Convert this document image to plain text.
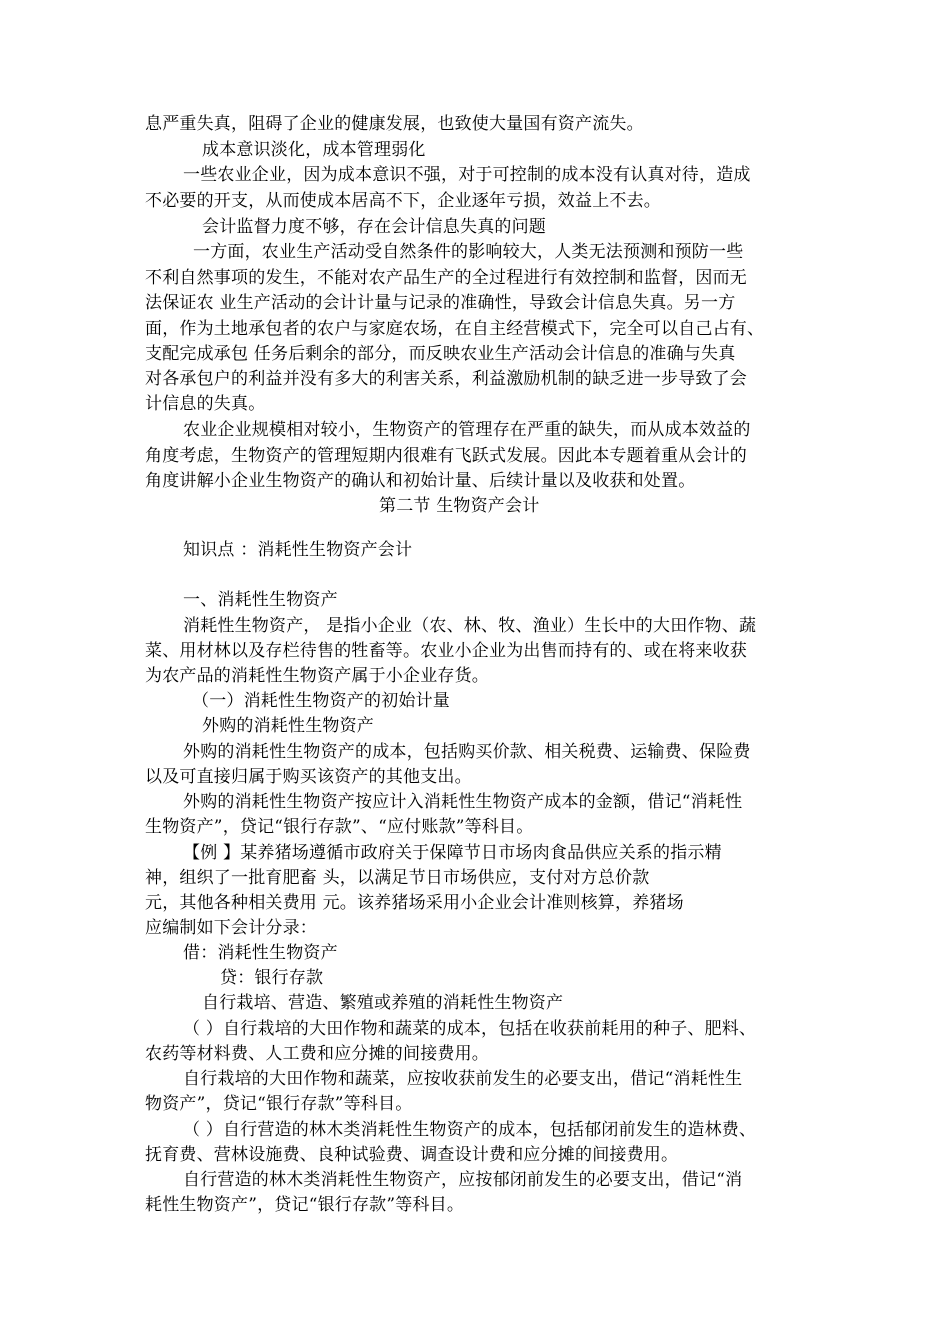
息严重失真，阻碍了企业的健康发展，也致使大量国有资产流失。
成本意识淡化，成本管理弱化
一些农业企业，因为成本意识不强，对于可控制的成本没有认真对待，造成
不必要的开支，从而使成本居高不下，企业逐年亏损，效益上不去。
会计监督力度不够，存在会计信息失真的问题
一方面，农业生产活动受自然条件的影响较大，人类无法预测和预防一些
不利自然事项的发生，不能对农产品生产的全过程进行有效控制和监督，因而无
法保证农 业生产活动的会计计量与记录的准确性，导致会计信息失真。另一方
面，作为土地承包者的农户与家庭农场，在自主经营模式下，完全可以自己占有、
支配完成承包 任务后剩余的部分，而反映农业生产活动会计信息的准确与失真
对各承包户的利益并没有多大的利害关系，利益激励机制的缺乏进一步导致了会
计信息的失真。
农业企业规模相对较小，生物资产的管理存在严重的缺失，而从成本效益的
角度考虑，生物资产的管理短期内很难有飞跃式发展。因此本专题着重从会计的
角度讲解小企业生物资产的确认和初始计量、后续计量以及收获和处置。
第二节 生物资产会计
知识点 ：消耗性生物资产会计
一、消耗性生物资产
消耗性生物资产， 是指小企业（农、林、牧、渔业）生长中的大田作物、蔬
菜、用材林以及存栏待售的牲畜等。农业小企业为出售而持有的、或在将来收获
为农产品的消耗性生物资产属于小企业存货。
（一）消耗性生物资产的初始计量
外购的消耗性生物资产
外购的消耗性生物资产的成本，包括购买价款、相关税费、运输费、保险费
以及可直接归属于购买该资产的其他支出。
外购的消耗性生物资产按应计入消耗性生物资产成本的金额，借记“消耗性
生物资产”，贷记“银行存款”、“应付账款”等科目。
【例 】某养猪场遵循市政府关于保障节日市场肉食品供应关系的指示精
神，组织了一批育肥畜 头，以满足节日市场供应，支付对方总价款
元，其他各种相关费用 元。该养猪场采用小企业会计准则核算，养猪场
应编制如下会计分录：
借：消耗性生物资产
贷：银行存款
自行栽培、营造、繁殖或养殖的消耗性生物资产
（ ）自行栽培的大田作物和蔬菜的成本，包括在收获前耗用的种子、肥料、
农药等材料费、人工费和应分摊的间接费用。
自行栽培的大田作物和蔬菜，应按收获前发生的必要支出，借记“消耗性生
物资产”，贷记“银行存款”等科目。
（ ）自行营造的林木类消耗性生物资产的成本，包括郁闭前发生的造林费、
抚育费、营林设施费、良种试验费、调查设计费和应分摊的间接费用。
自行营造的林木类消耗性生物资产，应按郁闭前发生的必要支出，借记“消
耗性生物资产”，贷记“银行存款”等科目。
